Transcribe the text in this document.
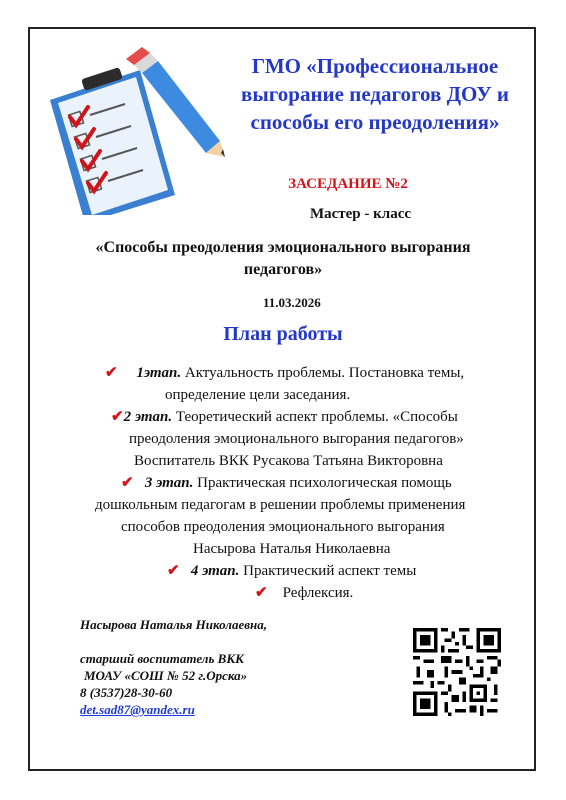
ГМО «Профессиональное выгорание педагогов ДОУ и способы его преодоления»
ЗАСЕДАНИЕ №2
Мастер - класс
«Способы преодоления эмоционального выгорания педагогов»
11.03.2026
План работы
✔ 1этап. Актуальность проблемы. Постановка темы,
определение цели заседания.
✔2 этап. Теоретический аспект проблемы. «Способы
преодоления эмоционального выгорания педагогов»
Воспитатель ВКК Русакова Татьяна Викторовна
✔ 3 этап. Практическая психологическая помощь
дошкольным педагогам в решении проблемы применения
способов преодоления эмоционального выгорания
Насырова Наталья Николаевна
✔ 4 этап. Практический аспект темы
✔ Рефлексия.
Насырова Наталья Николаевна,
старший воспитатель ВКК
МОАУ «СОШ № 52 г.Орска»
8 (3537)28-30-60
det.sad87@yandex.ru
